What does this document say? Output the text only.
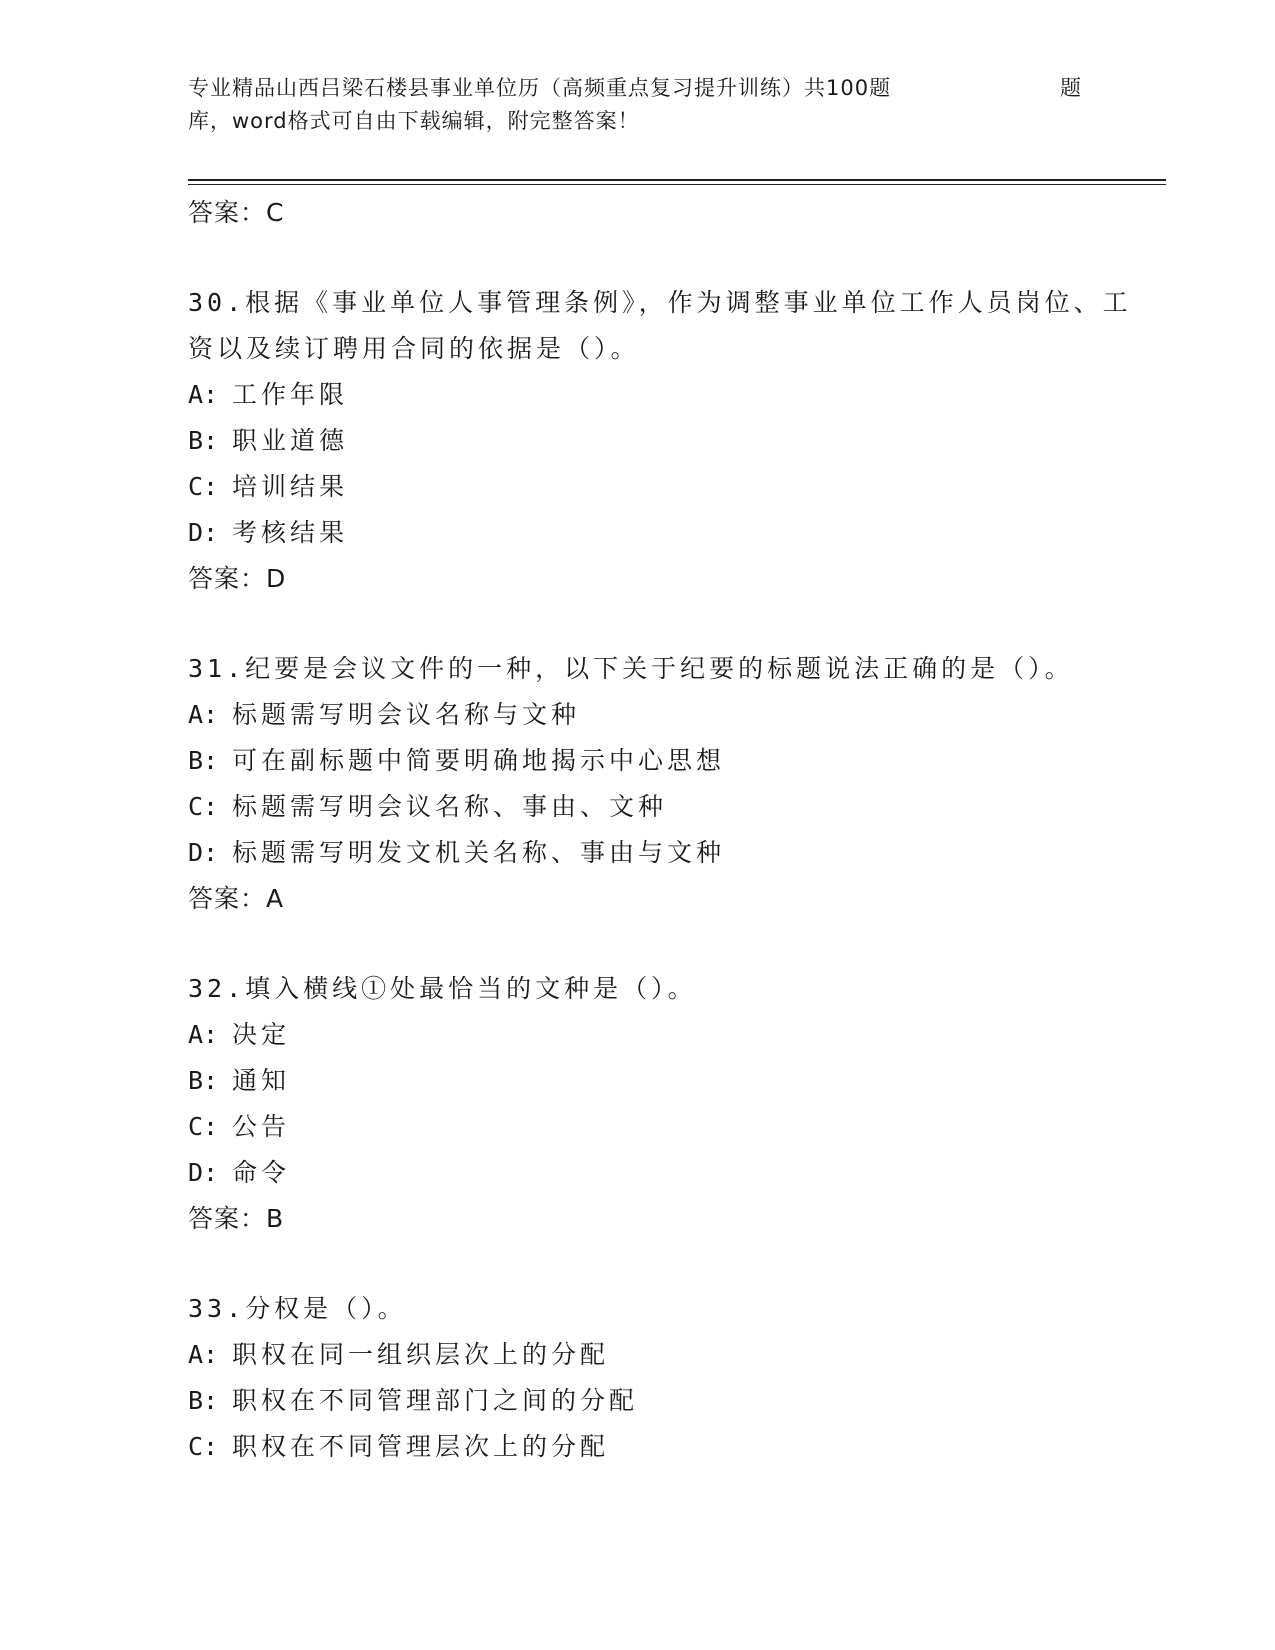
专业精品山西吕梁石楼县事业单位历（高频重点复习提升训练）共100题	题
库，word格式可自由下载编辑，附完整答案！
答案：C
30.根据《事业单位人事管理条例》，作为调整事业单位工作人员岗位、工资以及续订聘用合同的依据是（）。
A: 工作年限
B: 职业道德
C: 培训结果
D: 考核结果
答案：D
31.纪要是会议文件的一种，以下关于纪要的标题说法正确的是（）。
A: 标题需写明会议名称与文种
B: 可在副标题中简要明确地揭示中心思想
C: 标题需写明会议名称、事由、文种
D: 标题需写明发文机关名称、事由与文种
答案：A
32.填入横线①处最恰当的文种是（）。
A: 决定
B: 通知
C: 公告
D: 命令
答案：B
33.分权是（）。
A: 职权在同一组织层次上的分配
B: 职权在不同管理部门之间的分配
C: 职权在不同管理层次上的分配
